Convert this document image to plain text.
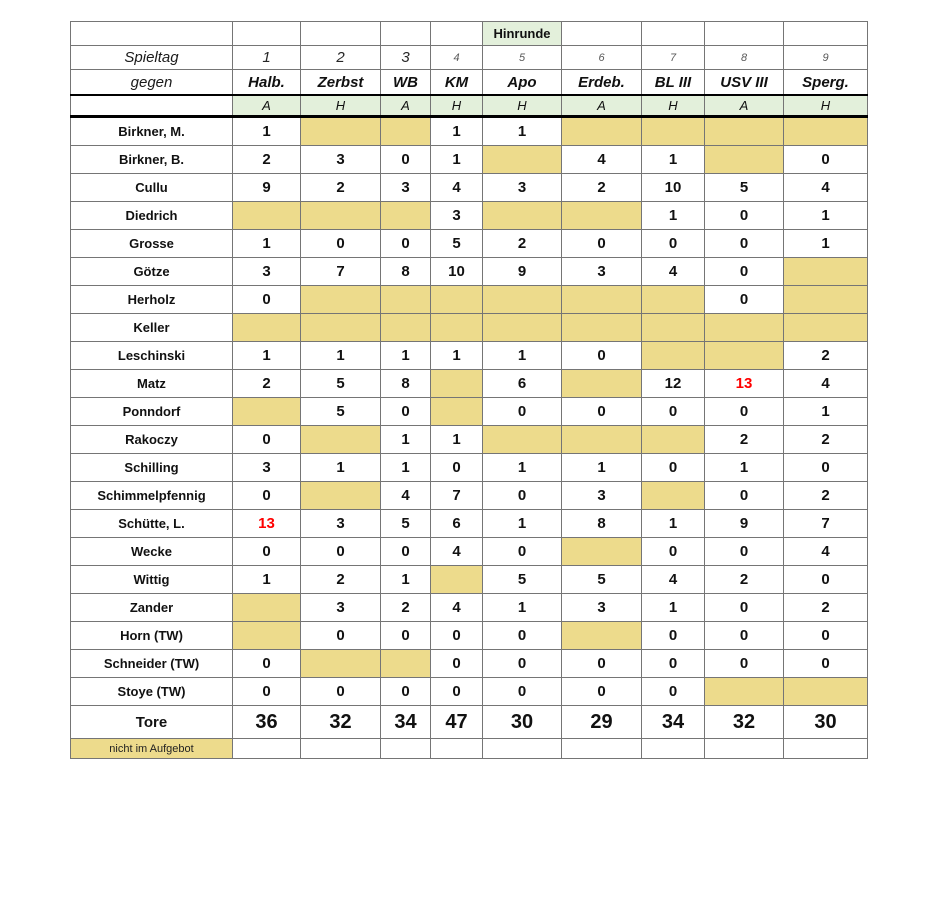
					Hinrunde				
Spieltag	1	2	3	4	5	6	7	8	9
gegen	Halb.	Zerbst	WB	KM	Apo	Erdeb.	BL III	USV III	Sperg.
	A	H	A	H	H	A	H	A	H
Birkner, M.	1			1	1				
Birkner, B.	2	3	0	1		4	1		0
Cullu	9	2	3	4	3	2	10	5	4
Diedrich				3			1	0	1
Grosse	1	0	0	5	2	0	0	0	1
Götze	3	7	8	10	9	3	4	0	
Herholz	0							0	
Keller									
Leschinski	1	1	1	1	1	0			2
Matz	2	5	8		6		12	13	4
Ponndorf		5	0		0	0	0	0	1
Rakoczy	0		1	1				2	2
Schilling	3	1	1	0	1	1	0	1	0
Schimmelpfennig	0		4	7	0	3		0	2
Schütte, L.	13	3	5	6	1	8	1	9	7
Wecke	0	0	0	4	0		0	0	4
Wittig	1	2	1		5	5	4	2	0
Zander		3	2	4	1	3	1	0	2
Horn (TW)		0	0	0	0		0	0	0
Schneider (TW)	0			0	0	0	0	0	0
Stoye (TW)	0	0	0	0	0	0	0		
Tore	36	32	34	47	30	29	34	32	30
nicht im Aufgebot									
